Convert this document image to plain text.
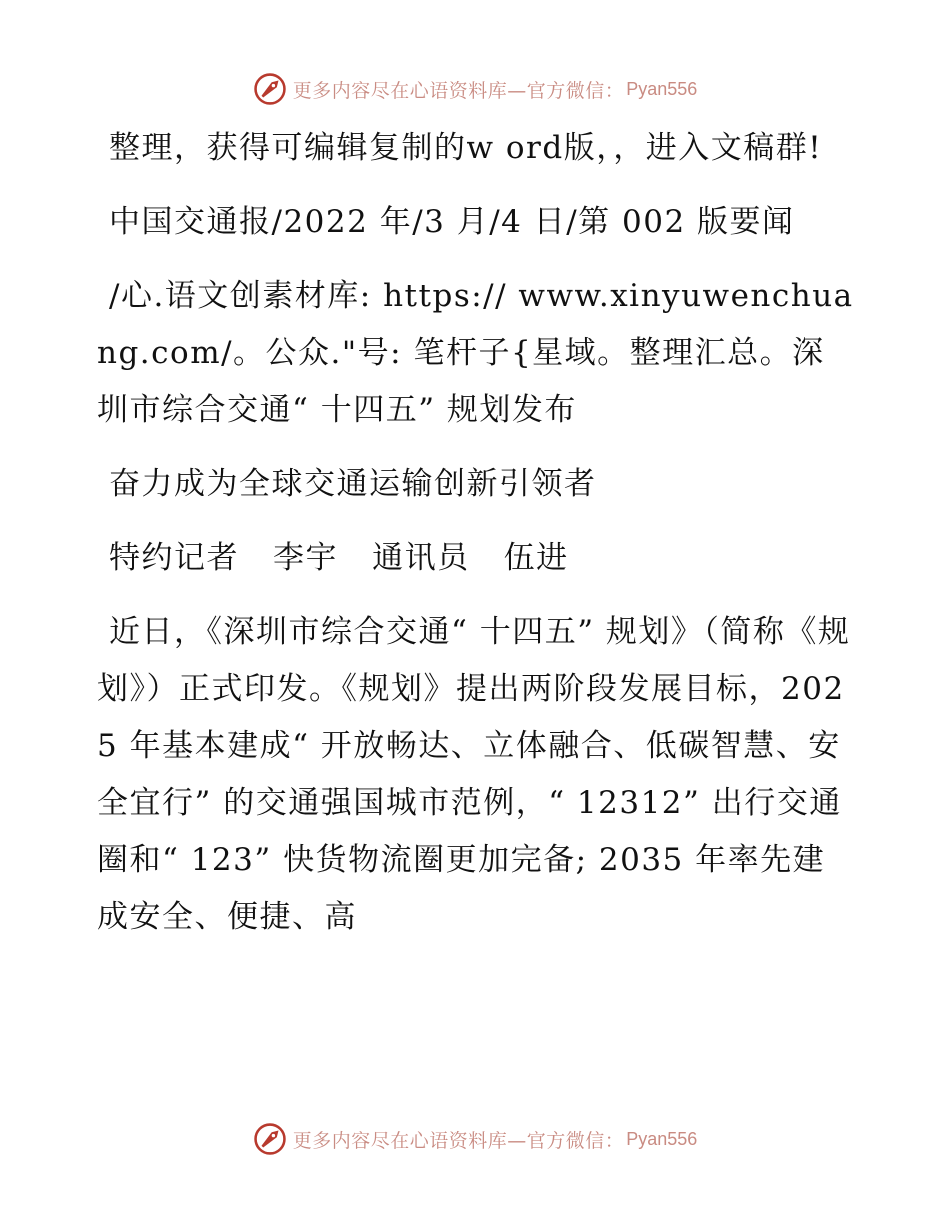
更多内容尽在心语资料库—官方微信： Pyan556

整理，获得可编辑复制的w ord版，，进入文稿群!

中国交通报/2022 年/3 月/4 日/第 002 版要闻

/心.语文创素材库: https:// www.xinyuwenchuang.com/。公众."号: 笔杆子{星域。整理汇总。深圳市综合交通“ 十四五” 规划发布

奋力成为全球交通运输创新引领者

特约记者   李宇   通讯员   伍进

近日，《深圳市综合交通“ 十四五” 规划》（简称《规划》）正式印发。《规划》提出两阶段发展目标，2025 年基本建成“ 开放畅达、立体融合、低碳智慧、安全宜行” 的交通强国城市范例，“ 12312” 出行交通圈和“ 123” 快货物流圈更加完备; 2035 年率先建成安全、便捷、高

更多内容尽在心语资料库—官方微信： Pyan556
